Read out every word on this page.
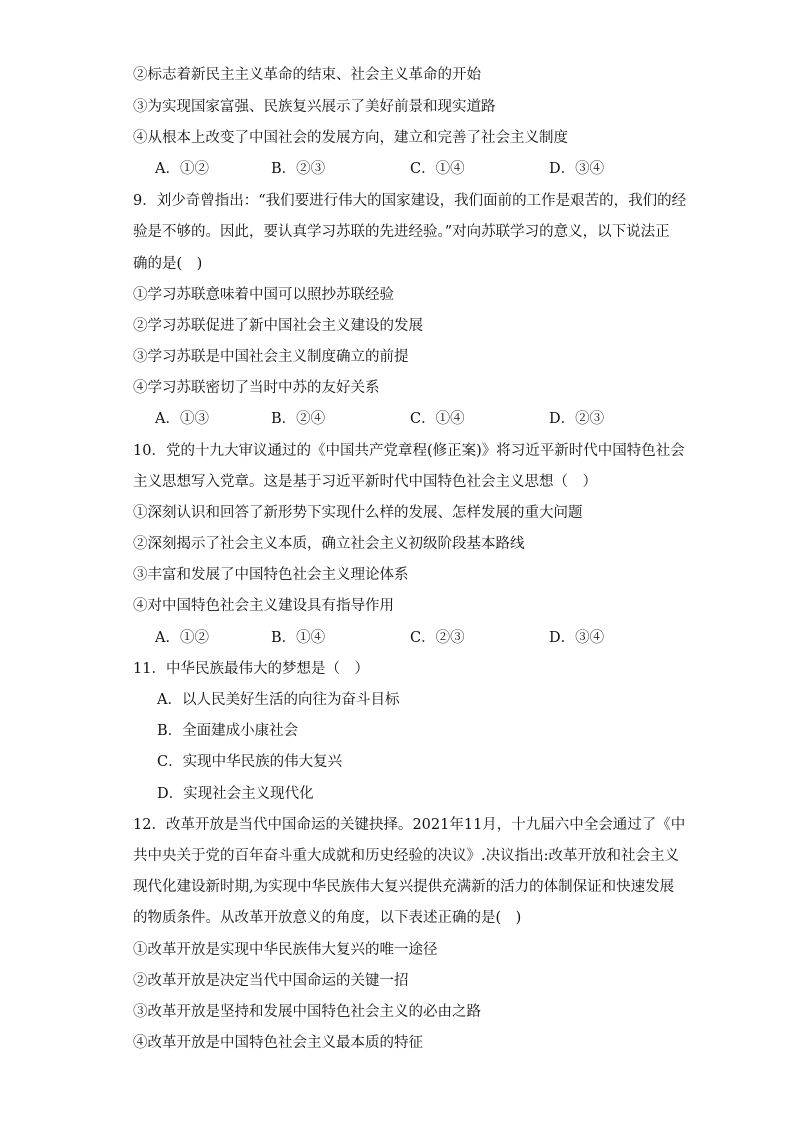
②标志着新民主主义革命的结束、社会主义革命的开始
③为实现国家富强、民族复兴展示了美好前景和现实道路
④从根本上改变了中国社会的发展方向，建立和完善了社会主义制度
A．①②	B．②③	C．①④	D．③④
9．刘少奇曾指出：“我们要进行伟大的国家建设，我们面前的工作是艰苦的，我们的经
验是不够的。因此，要认真学习苏联的先进经验。”对向苏联学习的意义，以下说法正
确的是(　)
①学习苏联意味着中国可以照抄苏联经验
②学习苏联促进了新中国社会主义建设的发展
③学习苏联是中国社会主义制度确立的前提
④学习苏联密切了当时中苏的友好关系
A．①③	B．②④	C．①④	D．②③
10．党的十九大审议通过的《中国共产党章程(修正案)》将习近平新时代中国特色社会
主义思想写入党章。这是基于习近平新时代中国特色社会主义思想（　）
①深刻认识和回答了新形势下实现什么样的发展、怎样发展的重大问题
②深刻揭示了社会主义本质，确立社会主义初级阶段基本路线
③丰富和发展了中国特色社会主义理论体系
④对中国特色社会主义建设具有指导作用
A．①②	B．①④	C．②③	D．③④
11．中华民族最伟大的梦想是（　）
A．以人民美好生活的向往为奋斗目标
B．全面建成小康社会
C．实现中华民族的伟大复兴
D．实现社会主义现代化
12．改革开放是当代中国命运的关键抉择。2021年11月，十九届六中全会通过了《中
共中央关于党的百年奋斗重大成就和历史经验的决议》.决议指出:改革开放和社会主义
现代化建设新时期,为实现中华民族伟大复兴提供充满新的活力的体制保证和快速发展
的物质条件。从改革开放意义的角度，以下表述正确的是(　)
①改革开放是实现中华民族伟大复兴的唯一途径
②改革开放是决定当代中国命运的关键一招
③改革开放是坚持和发展中国特色社会主义的必由之路
④改革开放是中国特色社会主义最本质的特征
